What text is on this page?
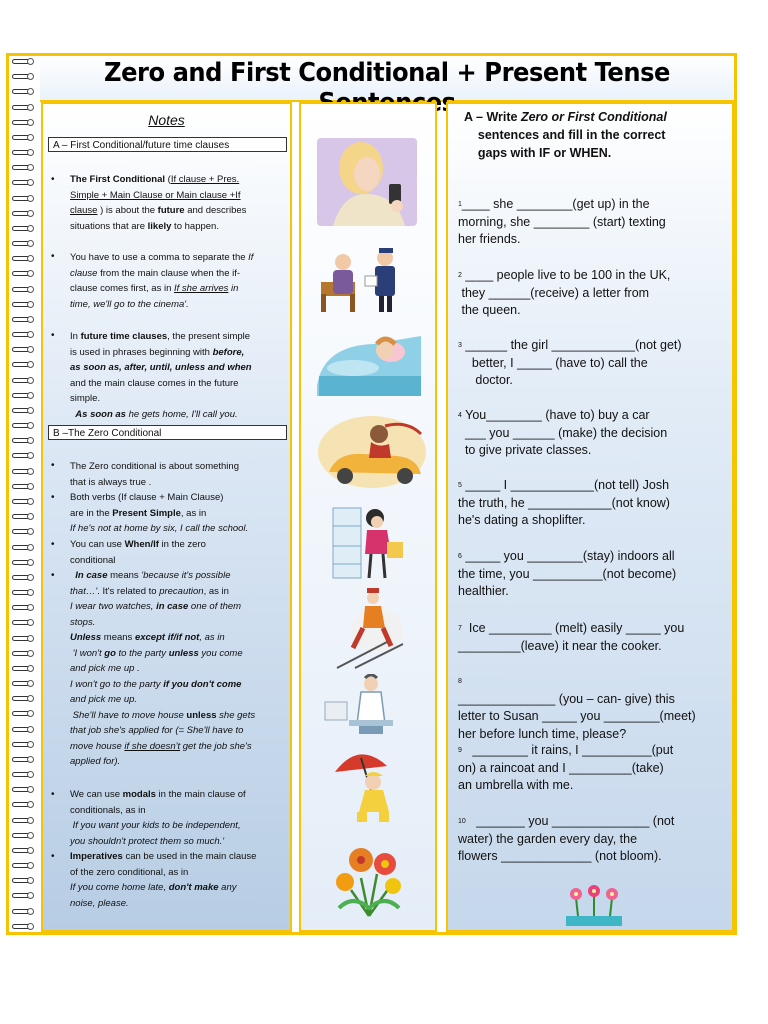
Zero and First Conditional + Present Tense
Notes
A – First Conditional/future time clauses
• The First Conditional (If clause + Pres.
Simple + Main Clause or Main clause +If
clause ) is about the future and describes
situations that are likely to happen.
• You have to use a comma to separate the If
clause from the main clause when the if-
clause comes first, as in If she arrives in
time, we'll go to the cinema'.
• In future time clauses, the present simple
is used in phrases beginning with before,
as soon as, after, until, unless and when
and the main clause comes in the future
simple.
As soon as he gets home, I'll call you.
B –The Zero Conditional
• The Zero conditional is about something
that is always true .
• Both verbs (If clause + Main Clause)
are in the Present Simple, as in
If he's not at home by six, I call the school.
• You can use When/If in the zero
conditional
•	In case means 'because it's possible
that…'. It's related to precaution, as in
I wear two watches, in case one of them
stops.
Unless means except if/if not, as in
'I won't go to the party unless you come
and pick me up .
I won't go to the party if you don't come
and pick me up.
She'll have to move house unless she gets
that job she's applied for (= She'll have to
move house if she doesn't get the job she's
applied for).
• We can use modals in the main clause of
conditionals, as in
If you want your kids to be independent,
you shouldn't protect them so much.'
• Imperatives can be used in the main clause
of the zero conditional, as in
If you come home late, don't make any
noise, please.
A – Write Zero or First Conditional
sentences and fill in the correct
gaps with IF or WHEN.
$^1$____ she ________(get up) in the
morning, she ________ (start) texting
her friends.
$^2$ ____ people live to be 100 in the UK,
they ______(receive) a letter from
the queen.
$^3$ ______ the girl ____________(not get)
better, I _____ (have to) call the
doctor.
$^4$ You________ (have to) buy a car
___ you ______ (make) the decision
to give private classes.
$^5$ _____ I ____________(not tell) Josh
the truth, he ____________(not know)
he's dating a shoplifter.
$^6$ _____ you ________(stay) indoors all
the time, you __________(not become)
healthier.
$^7$ Ice _________ (melt) easily _____ you
_________(leave) it near the cooker.
$^8$
______________ (you – can- give) this
letter to Susan _____ you ________(meet)
her before lunch time, please?
$^9$ ________ it rains, I __________(put
on) a raincoat and I _________(take)
an umbrella with me.
$^{10}$ _______ you ______________ (not
water) the garden every day, the
flowers _____________ (not bloom).
